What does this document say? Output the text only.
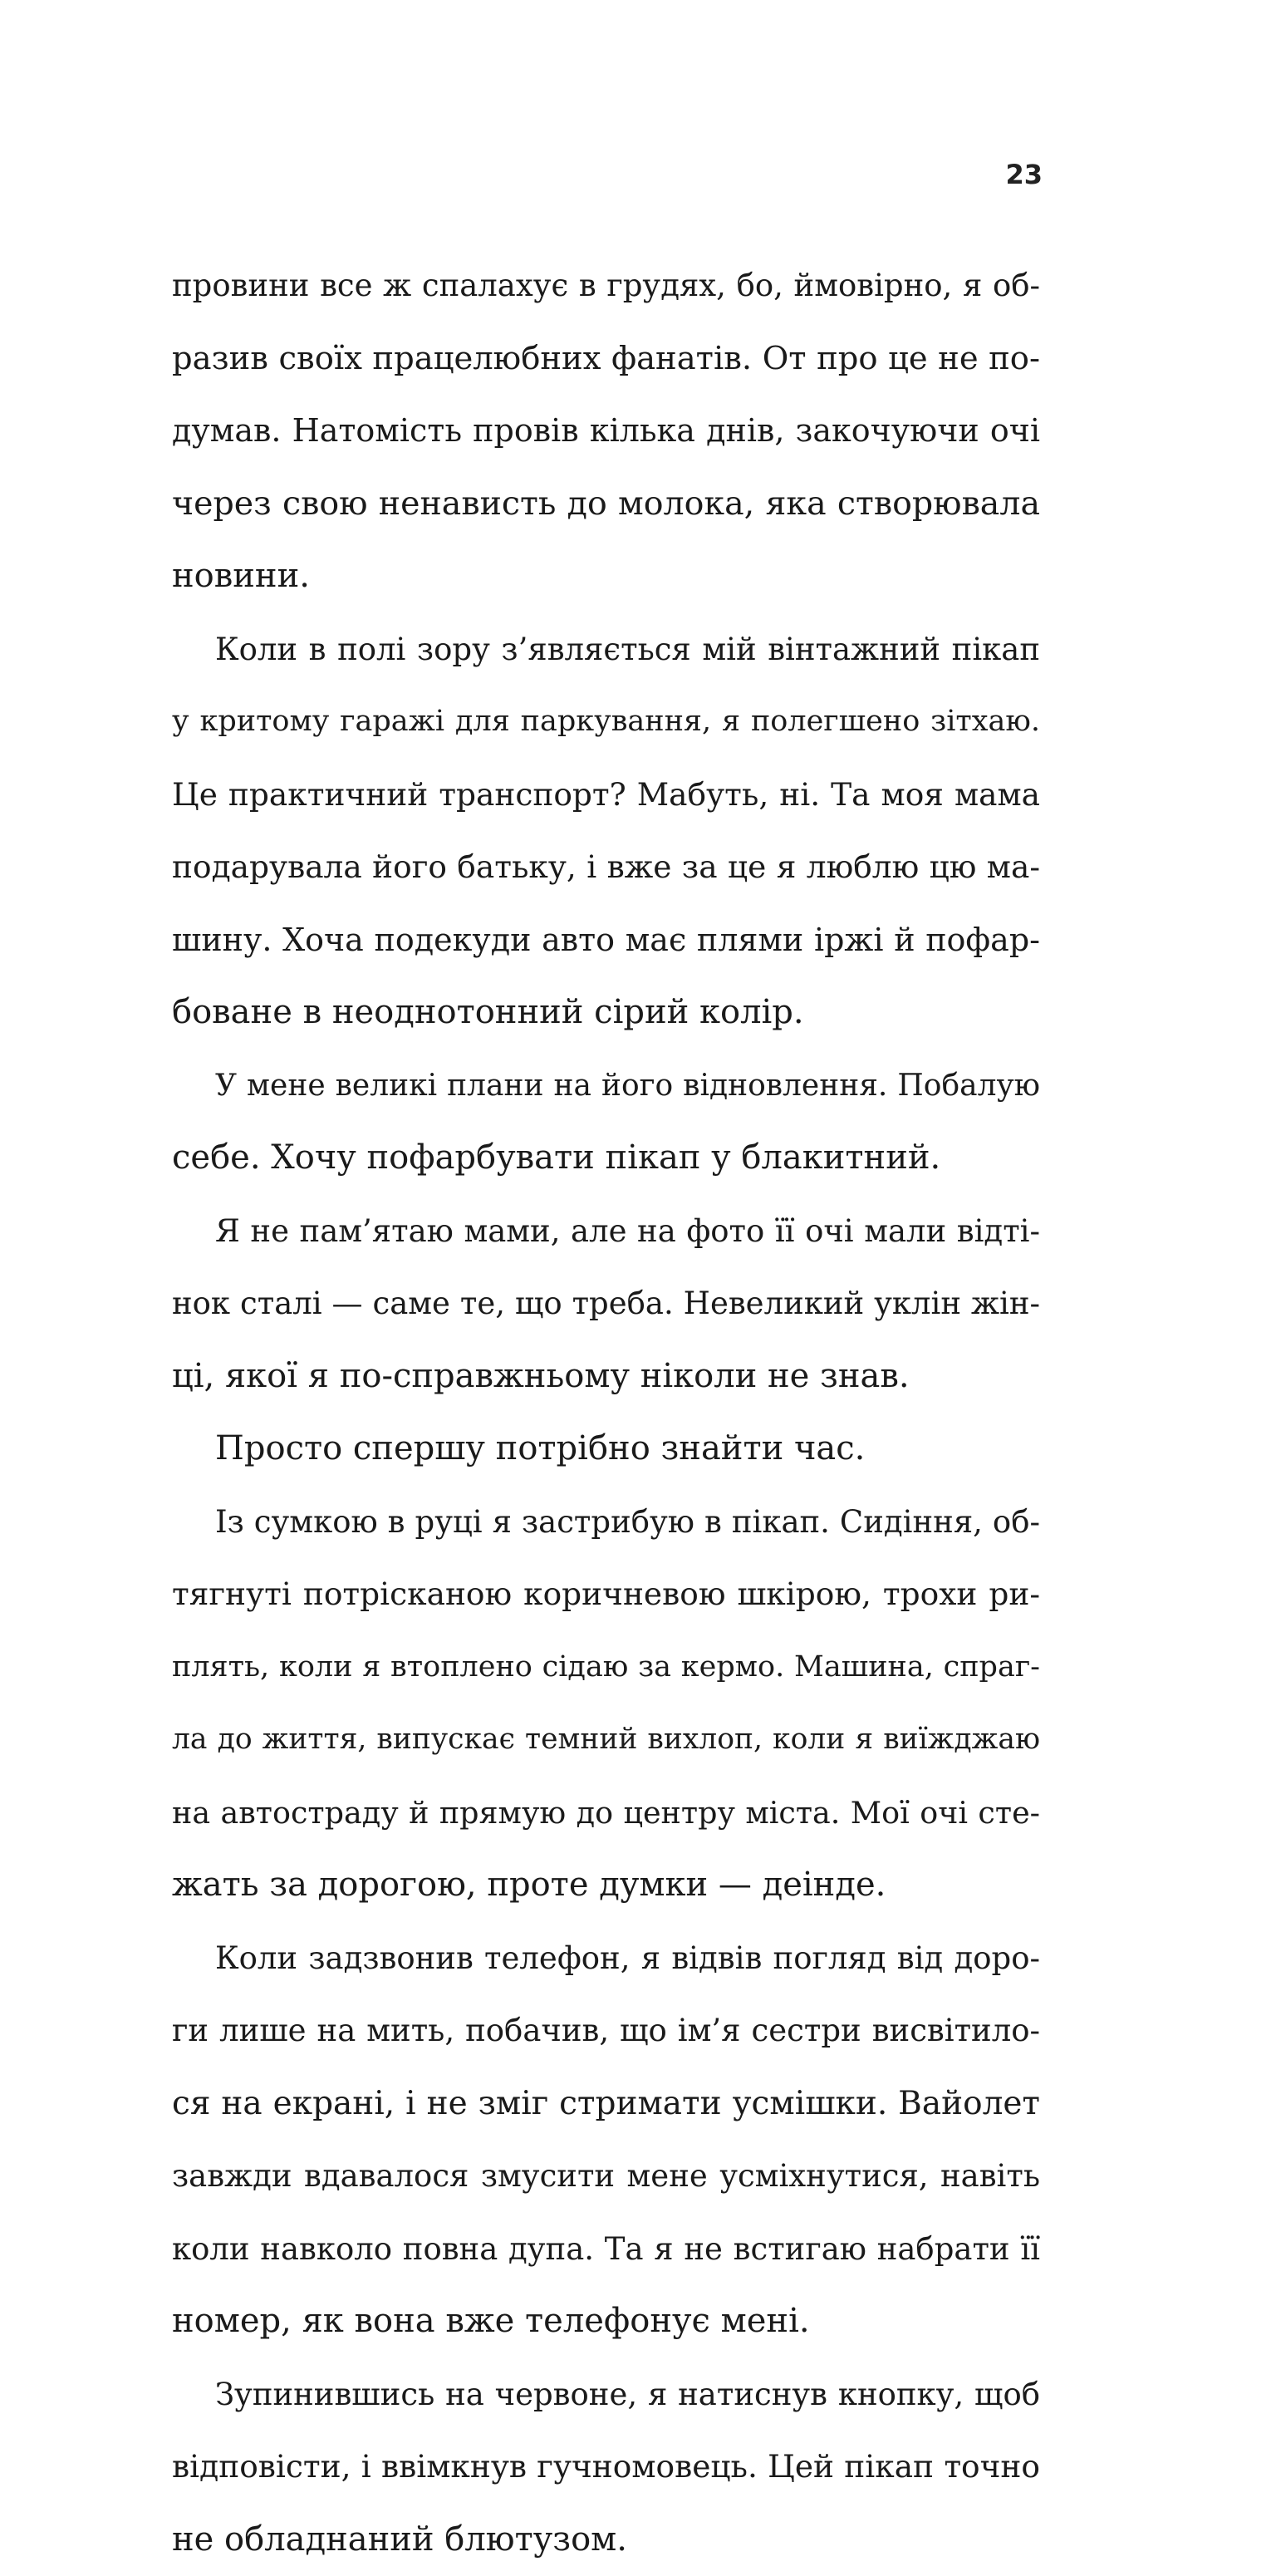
23
провини все ж спалахує в грудях, бо, ймовірно, я об-
разив своїх працелюбних фанатів. От про це не по-
думав. Натомість провів кілька днів, закочуючи очі
через свою ненависть до молока, яка створювала
новини.
Коли в полі зору з’являється мій вінтажний пікап
у критому гаражі для паркування, я полегшено зітхаю.
Це практичний транспорт? Мабуть, ні. Та моя мама
подарувала його батьку, і вже за це я люблю цю ма-
шину. Хоча подекуди авто має плями іржі й пофар-
боване в неоднотонний сірий колір.
У мене великі плани на його відновлення. Побалую
себе. Хочу пофарбувати пікап у блакитний.
Я не пам’ятаю мами, але на фото її очі мали відті-
нок сталі — саме те, що треба. Невеликий уклін жін-
ці, якої я по-справжньому ніколи не знав.
Просто спершу потрібно знайти час.
Із сумкою в руці я застрибую в пікап. Сидіння, об-
тягнуті потрісканою коричневою шкірою, трохи ри-
плять, коли я втоплено сідаю за кермо. Машина, спраг-
ла до життя, випускає темний вихлоп, коли я виїжджаю
на автостраду й прямую до центру міста. Мої очі сте-
жать за дорогою, проте думки — деінде.
Коли задзвонив телефон, я відвів погляд від доро-
ги лише на мить, побачив, що ім’я сестри висвітило-
ся на екрані, і не зміг стримати усмішки. Вайолет
завжди вдавалося змусити мене усміхнутися, навіть
коли навколо повна дупа. Та я не встигаю набрати її
номер, як вона вже телефонує мені.
Зупинившись на червоне, я натиснув кнопку, щоб
відповісти, і ввімкнув гучномовець. Цей пікап точно
не обладнаний блютузом.
